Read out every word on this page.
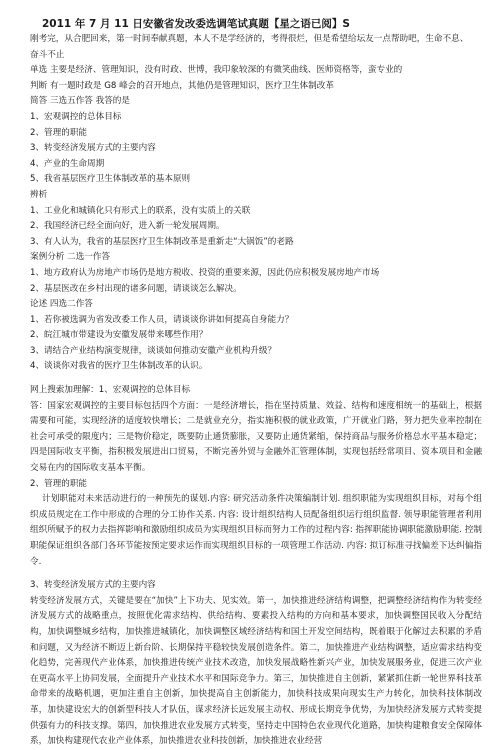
2011 年 7 月 11 日安徽省发改委选调笔试真题【星之语已阅】S
刚考完，从合肥回来，第一时间奉献真题，本人不是学经济的，考得很烂，但是希望给坛友一点帮助吧，生命不息、
奋斗不止
单选 主要是经济、管理知识，没有时政、世博，我印象较深的有微笑曲线、医师资格等，蛮专业的
判断 有一题时政是 G8 峰会的召开地点，其他仍是管理知识，医疗卫生体制改革
简答 三选五作答 我答的是
1、宏观调控的总体目标
2、管理的职能
3、转变经济发展方式的主要内容
4、产业的生命周期
5、我省基层医疗卫生体制改革的基本原则
辨析
1、工业化和城镇化只有形式上的联系，没有实质上的关联
2、我国经济已经全面向好，进入新一轮发展周期。
3、有人认为，我省的基层医疗卫生体制改革是重新走“大锅饭”的老路
案例分析 二选一作答
1、地方政府认为房地产市场仍是地方税收、投资的重要来源，因此仍应积极发展房地产市场
2、基层医改在乡村出现的诸多问题，请谈谈怎么解决。
论述 四选二作答
1、若你被选调为省发改委工作人员，请谈谈你讲如何提高自身能力？
2、皖江城市带建设为安徽发展带来哪些作用？
3、请结合产业结构演变规律，谈谈如何推动安徽产业机构升级？
4、谈谈你对我省的医疗卫生体制改革的认识。
网上搜索加理解：1、宏观调控的总体目标
答：国家宏观调控的主要目标包括四个方面：一是经济增长，指在坚持质量、效益、结构和速度相统一的基础上，根据需要和可能，实现经济的适度较快增长；二是就业充分，指实施积极的就业政策，广开就业门路，努力把失业率控制在社会可承受的限度内；三是物价稳定，既要防止通货膨胀，又要防止通货紧缩，保持商品与服务价格总水平基本稳定；四是国际收支平衡，指积极发展进出口贸易，不断完善外贸与金融外汇管理体制，实现包括经常项目、资本项目和金融交易在内的国际收支基本平衡。
2、管理的职能
计划职能对未来活动进行的一种预先的谋划.内容: 研究活动条件决策编制计划. 组织职能为实现组织目标，对每个组织成员规定在工作中形成的合理的分工协作关系. 内容: 设计组织结构人员配备组织运行组织监督. 领导职能管理者利用组织所赋予的权力去指挥影响和激励组织成员为实现组织目标而努力工作的过程内容: 指挥职能协调职能激励职能. 控制职能保证组织各部门各环节能按预定要求运作而实现组织目标的一项管理工作活动. 内容: 拟订标准寻找偏差下达纠偏指令.
3、转变经济发展方式的主要内容
转变经济发展方式，关键是要在“加快”上下功夫、见实效。第一，加快推进经济结构调整，把调整经济结构作为转变经济发展方式的战略重点，按照优化需求结构、供给结构、要素投入结构的方向和基本要求，加快调整国民收入分配结构，加快调整城乡结构，加快推进城镇化，加快调整区域经济结构和国土开发空间结构，既着眼于化解过去积累的矛盾和问题，又为经济不断迈上新台阶、长期保持平稳较快发展创造条件。第二，加快推进产业结构调整，适应需求结构变化趋势，完善现代产业体系，加快推进传统产业技术改造，加快发展战略性新兴产业，加快发展服务业，促进三次产业在更高水平上协同发展，全面提升产业技术水平和国际竞争力。第三，加快推进自主创新，紧紧抓住新一轮世界科技革命带来的战略机遇，更加注重自主创新，加快提高自主创新能力，加快科技成果向现实生产力转化，加快科技体制改革，加快建设宏大的创新型科技人才队伍，谋求经济长远发展主动权、形成长期竞争优势，为加快经济发展方式转变提供强有力的科技支撑。第四，加快推进农业发展方式转变，坚持走中国特色农业现代化道路，加快构建粮食安全保障体系，加快构建现代农业产业体系，加快推进农业科技创新，加快推进农业经营
